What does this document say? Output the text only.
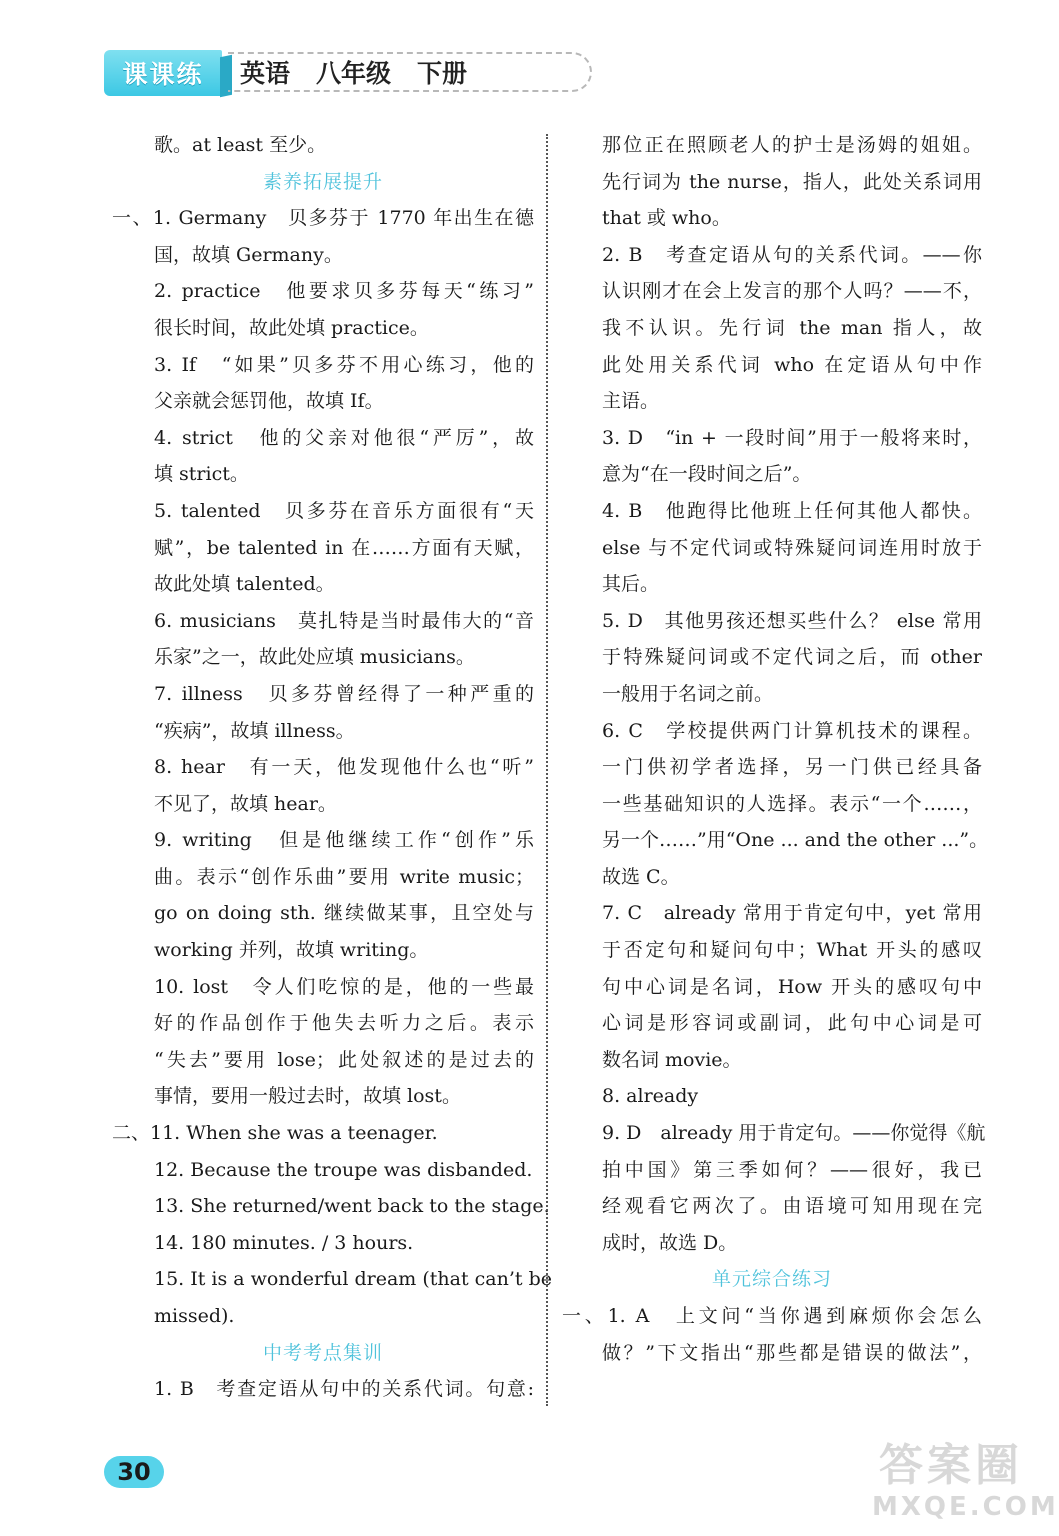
课课练 英语 八年级 下册
歌。at least 至少。
素养拓展提升
一、1. Germany　贝多芬于 1770 年出生在德
国，故填 Germany。
2. practice　他要求贝多芬每天“练习”
很长时间，故此处填 practice。
3. If　“如果”贝多芬不用心练习，他的
父亲就会惩罚他，故填 If。
4. strict　他的父亲对他很“严厉”，故
填 strict。
5. talented　贝多芬在音乐方面很有“天
赋”，be talented in 在……方面有天赋，
故此处填 talented。
6. musicians　莫扎特是当时最伟大的“音
乐家”之一，故此处应填 musicians。
7. illness　贝多芬曾经得了一种严重的
“疾病”，故填 illness。
8. hear　有一天，他发现他什么也“听”
不见了，故填 hear。
9. writing　但是他继续工作“创作”乐
曲。表示“创作乐曲”要用 write music；
go on doing sth. 继续做某事，且空处与
working 并列，故填 writing。
10. lost　令人们吃惊的是，他的一些最
好的作品创作于他失去听力之后。表示
“失去”要用 lose；此处叙述的是过去的
事情，要用一般过去时，故填 lost。
二、11. When she was a teenager.
12. Because the troupe was disbanded.
13. She returned/went back to the stage.
14. 180 minutes. / 3 hours.
15. It is a wonderful dream (that can’t be
missed).
中考考点集训
1. B　考查定语从句中的关系代词。句意:
那位正在照顾老人的护士是汤姆的姐姐。
先行词为 the nurse，指人，此处关系词用
that 或 who。
2. B　考查定语从句的关系代词。——你
认识刚才在会上发言的那个人吗？——不，
我不认识。先行词 the man 指人，故
此处用关系代词 who 在定语从句中作
主语。
3. D　“in + 一段时间”用于一般将来时，
意为“在一段时间之后”。
4. B　他跑得比他班上任何其他人都快。
else 与不定代词或特殊疑问词连用时放于
其后。
5. D　其他男孩还想买些什么？ else 常用
于特殊疑问词或不定代词之后，而 other
一般用于名词之前。
6. C　学校提供两门计算机技术的课程。
一门供初学者选择，另一门供已经具备
一些基础知识的人选择。表示“一个……，
另一个……”用“One ... and the other ...”。
故选 C。
7. C　already 常用于肯定句中，yet 常用
于否定句和疑问句中；What 开头的感叹
句中心词是名词，How 开头的感叹句中
心词是形容词或副词，此句中心词是可
数名词 movie。
8. already
9. D　already 用于肯定句。——你觉得《航
拍中国》第三季如何？——很好，我已
经观看它两次了。由语境可知用现在完
成时，故选 D。
单元综合练习
一、1. A　上文问“当你遇到麻烦你会怎么
做？”下文指出“那些都是错误的做法”，
30	答案圈
MXQE.COM
